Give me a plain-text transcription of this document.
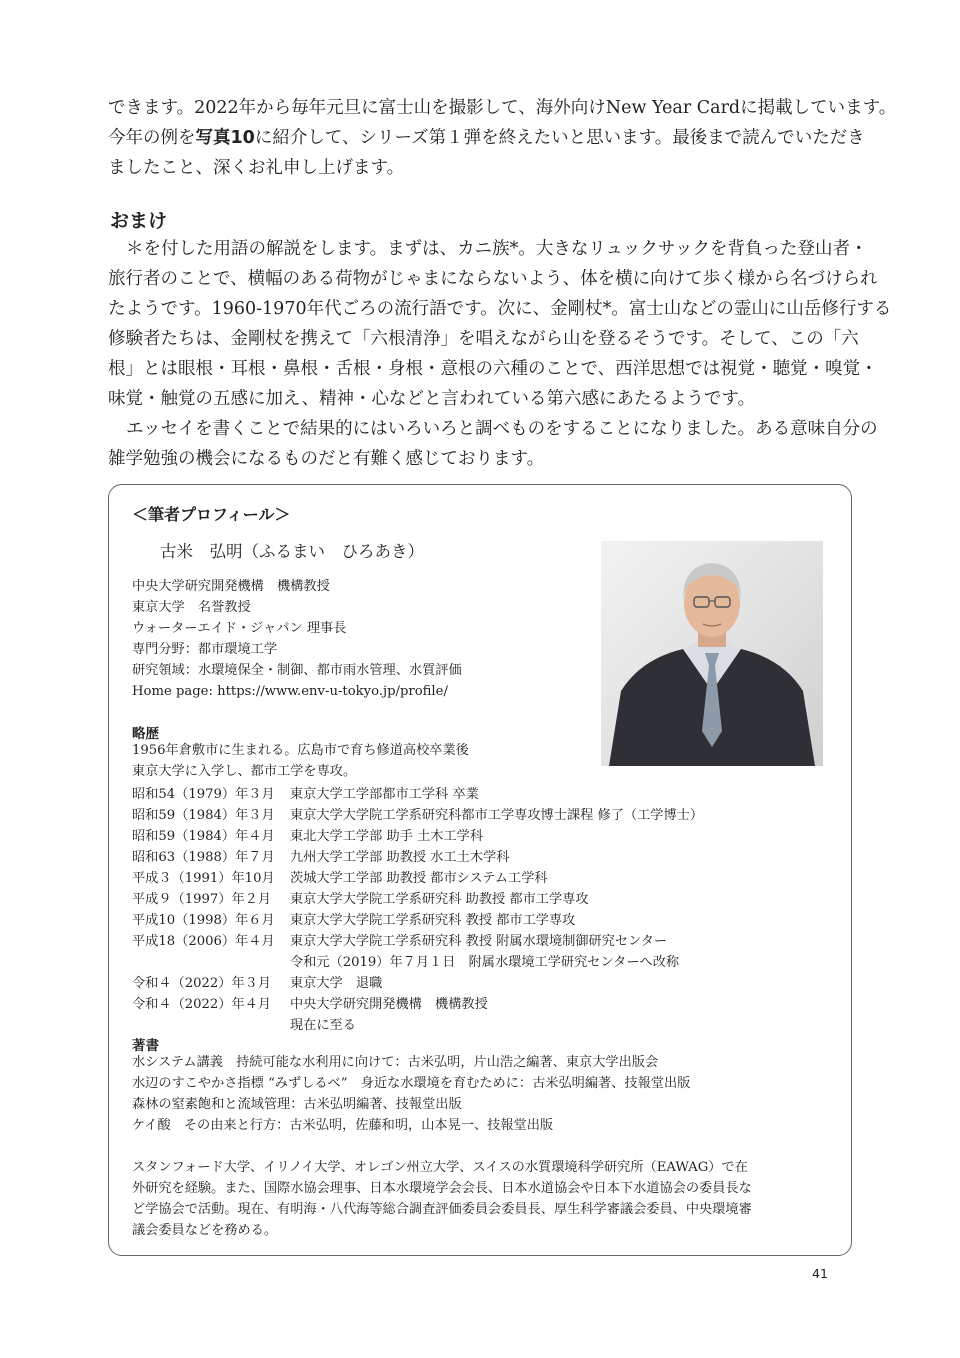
できます。2022年から毎年元旦に富士山を撮影して、海外向けNew Year Cardに掲載しています。
今年の例を写真10に紹介して、シリーズ第１弾を終えたいと思います。最後まで読んでいただき
ましたこと、深くお礼申し上げます。
おまけ
＊を付した用語の解説をします。まずは、カニ族*。大きなリュックサックを背負った登山者・
旅行者のことで、横幅のある荷物がじゃまにならないよう、体を横に向けて歩く様から名づけられ
たようです。1960-1970年代ごろの流行語です。次に、金剛杖*。富士山などの霊山に山岳修行する
修験者たちは、金剛杖を携えて「六根清浄」を唱えながら山を登るそうです。そして、この「六
根」とは眼根・耳根・鼻根・舌根・身根・意根の六種のことで、西洋思想では視覚・聴覚・嗅覚・
味覚・触覚の五感に加え、精神・心などと言われている第六感にあたるようです。
エッセイを書くことで結果的にはいろいろと調べものをすることになりました。ある意味自分の
雑学勉強の機会になるものだと有難く感じております。
＜筆者プロフィール＞
古米　弘明（ふるまい　ひろあき）
中央大学研究開発機構　機構教授
東京大学　名誉教授
ウォーターエイド・ジャパン 理事長
専門分野：都市環境工学
研究領域：水環境保全・制御、都市雨水管理、水質評価
Home page: https://www.env-u-tokyo.jp/profile/
略歴
1956年倉敷市に生まれる。広島市で育ち修道高校卒業後
東京大学に入学し、都市工学を専攻。
昭和54（1979）年３月 東京大学工学部都市工学科 卒業
昭和59（1984）年３月 東京大学大学院工学系研究科都市工学専攻博士課程 修了（工学博士）
昭和59（1984）年４月 東北大学工学部 助手 土木工学科
昭和63（1988）年７月 九州大学工学部 助教授 水工土木学科
平成３（1991）年10月 茨城大学工学部 助教授 都市システム工学科
平成９（1997）年２月 東京大学大学院工学系研究科 助教授 都市工学専攻
平成10（1998）年６月 東京大学大学院工学系研究科 教授 都市工学専攻
平成18（2006）年４月 東京大学大学院工学系研究科 教授 附属水環境制御研究センター
令和元（2019）年７月１日　附属水環境工学研究センターへ改称
令和４（2022）年３月 東京大学　退職
令和４（2022）年４月 中央大学研究開発機構　機構教授
現在に至る
著書
水システム講義　持続可能な水利用に向けて：古米弘明，片山浩之編著、東京大学出版会
水辺のすこやかさ指標 “みずしるべ”　身近な水環境を育むために：古米弘明編著、技報堂出版
森林の窒素飽和と流域管理：古米弘明編著、技報堂出版
ケイ酸　その由来と行方：古米弘明，佐藤和明，山本晃一、技報堂出版
スタンフォード大学、イリノイ大学、オレゴン州立大学、スイスの水質環境科学研究所（EAWAG）で在
外研究を経験。また、国際水協会理事、日本水環境学会会長、日本水道協会や日本下水道協会の委員長な
ど学協会で活動。現在、有明海・八代海等総合調査評価委員会委員長、厚生科学審議会委員、中央環境審
議会委員などを務める。
41
